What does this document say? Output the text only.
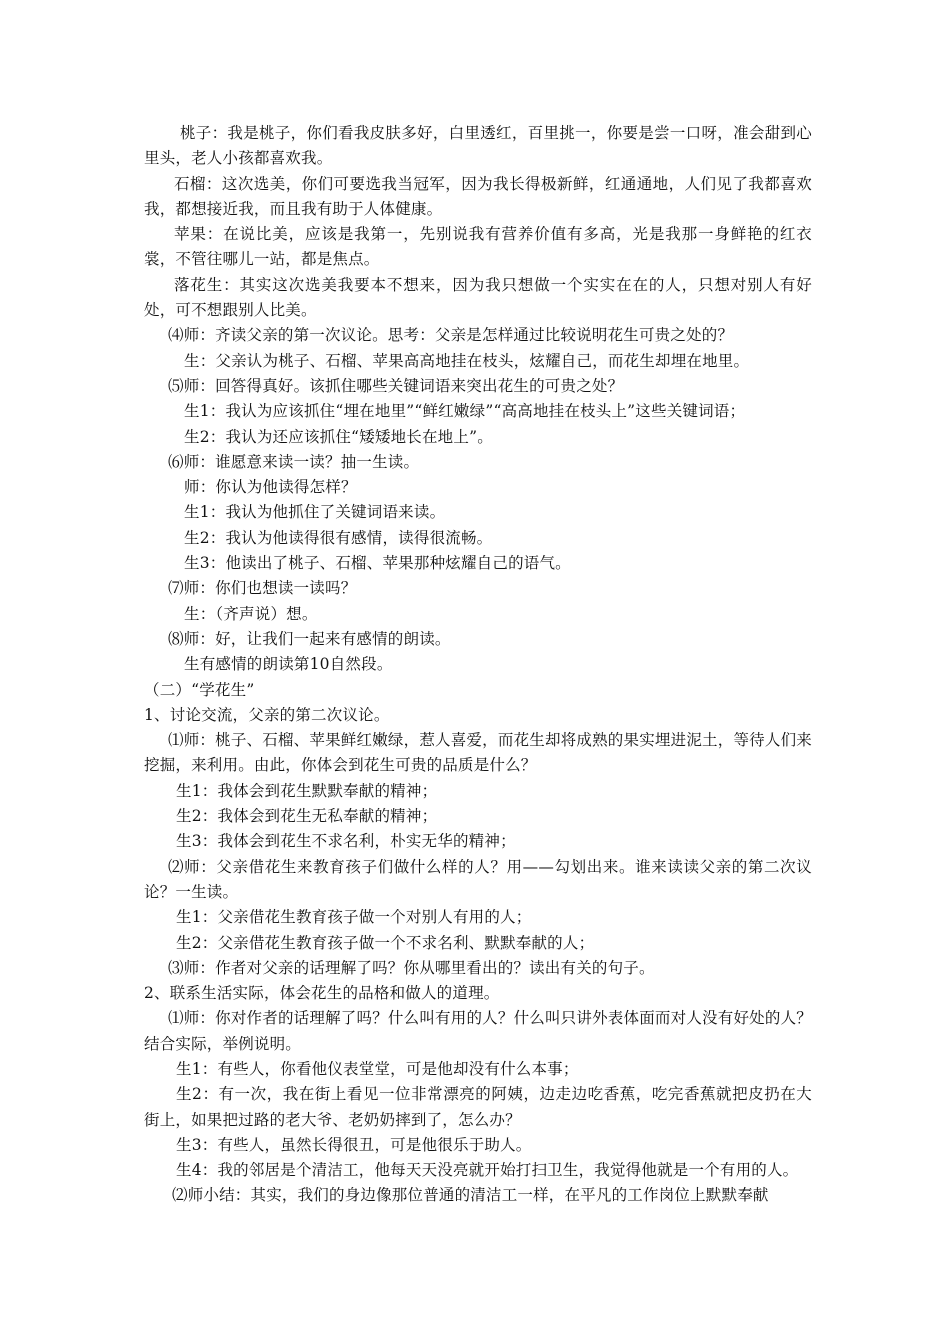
桃子：我是桃子，你们看我皮肤多好，白里透红，百里挑一，你要是尝一口呀，准会甜到心里头，老人小孩都喜欢我。

石榴：这次选美，你们可要选我当冠军，因为我长得极新鲜，红通通地，人们见了我都喜欢我，都想接近我，而且我有助于人体健康。

苹果：在说比美，应该是我第一，先别说我有营养价值有多高，光是我那一身鲜艳的红衣裳，不管往哪儿一站，都是焦点。

落花生：其实这次选美我要本不想来，因为我只想做一个实实在在的人，只想对别人有好处，可不想跟别人比美。

⑷师：齐读父亲的第一次议论。思考：父亲是怎样通过比较说明花生可贵之处的？

生：父亲认为桃子、石榴、苹果高高地挂在枝头，炫耀自己，而花生却埋在地里。

⑸师：回答得真好。该抓住哪些关键词语来突出花生的可贵之处？

生1：我认为应该抓住“埋在地里”“鲜红嫩绿”“高高地挂在枝头上”这些关键词语；

生2：我认为还应该抓住“矮矮地长在地上”。

⑹师：谁愿意来读一读？抽一生读。

师：你认为他读得怎样？

生1：我认为他抓住了关键词语来读。

生2：我认为他读得很有感情，读得很流畅。

生3：他读出了桃子、石榴、苹果那种炫耀自己的语气。

⑺师：你们也想读一读吗？

生：（齐声说）想。

⑻师：好，让我们一起来有感情的朗读。

生有感情的朗读第10自然段。

（二）“学花生”

1、讨论交流，父亲的第二次议论。

⑴师：桃子、石榴、苹果鲜红嫩绿，惹人喜爱，而花生却将成熟的果实埋进泥土，等待人们来挖掘，来利用。由此，你体会到花生可贵的品质是什么？

生1：我体会到花生默默奉献的精神；

生2：我体会到花生无私奉献的精神；

生3：我体会到花生不求名利，朴实无华的精神；

⑵师：父亲借花生来教育孩子们做什么样的人？用——勾划出来。谁来读读父亲的第二次议论？一生读。

生1：父亲借花生教育孩子做一个对别人有用的人；

生2：父亲借花生教育孩子做一个不求名利、默默奉献的人；

⑶师：作者对父亲的话理解了吗？你从哪里看出的？读出有关的句子。

2、联系生活实际，体会花生的品格和做人的道理。

⑴师：你对作者的话理解了吗？什么叫有用的人？什么叫只讲外表体面而对人没有好处的人？结合实际，举例说明。

生1：有些人，你看他仪表堂堂，可是他却没有什么本事；

生2：有一次，我在街上看见一位非常漂亮的阿姨，边走边吃香蕉，吃完香蕉就把皮扔在大街上，如果把过路的老大爷、老奶奶摔到了，怎么办？

生3：有些人，虽然长得很丑，可是他很乐于助人。

生4：我的邻居是个清洁工，他每天天没亮就开始打扫卫生，我觉得他就是一个有用的人。

⑵师小结：其实，我们的身边像那位普通的清洁工一样，在平凡的工作岗位上默默奉献
